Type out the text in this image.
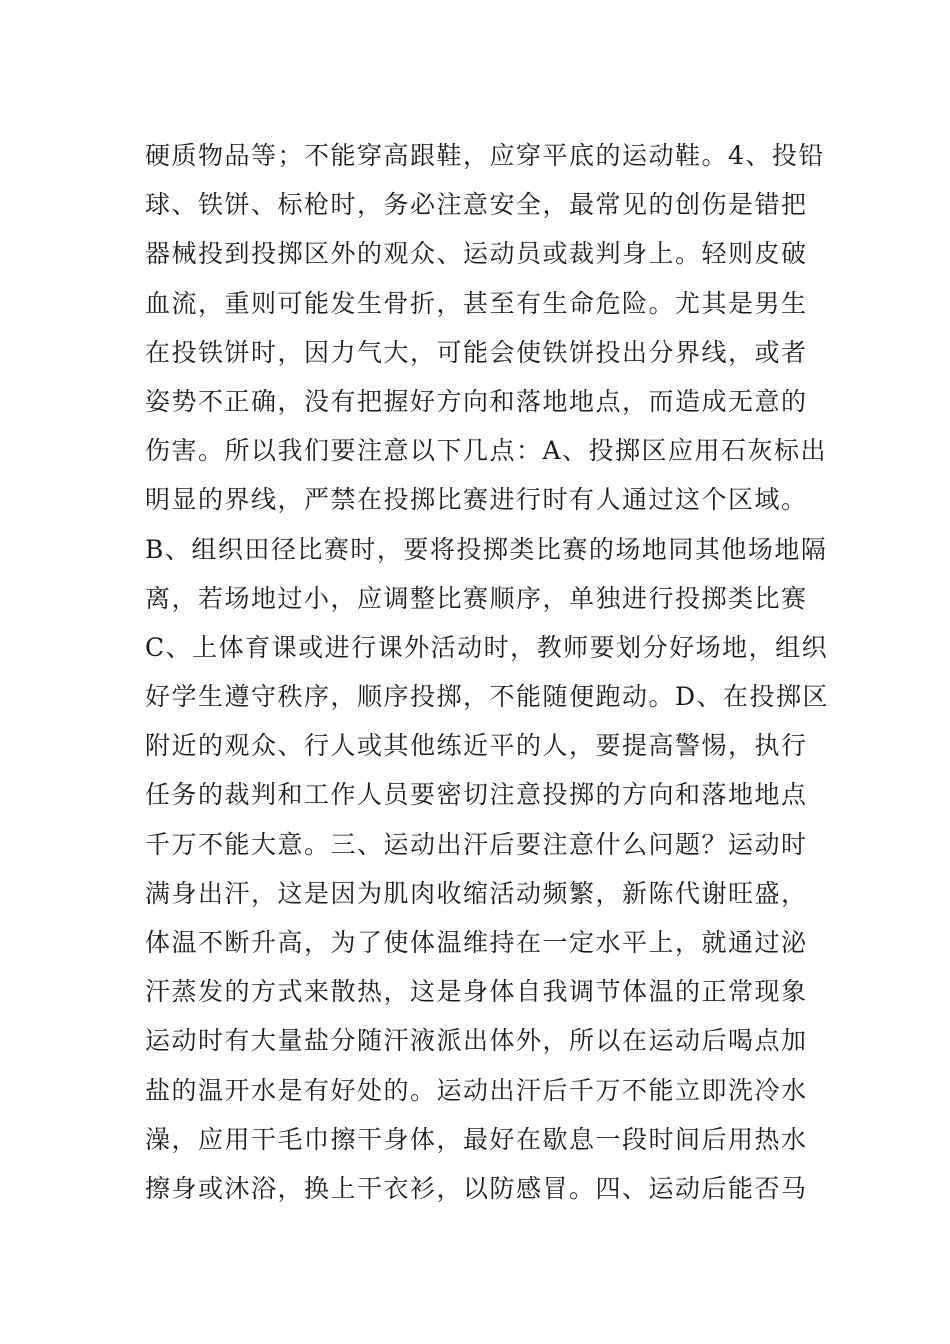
硬质物品等；不能穿高跟鞋，应穿平底的运动鞋。4、投铅
球、铁饼、标枪时，务必注意安全，最常见的创伤是错把
器械投到投掷区外的观众、运动员或裁判身上。轻则皮破
血流，重则可能发生骨折，甚至有生命危险。尤其是男生
在投铁饼时，因力气大，可能会使铁饼投出分界线，或者
姿势不正确，没有把握好方向和落地地点，而造成无意的
伤害。所以我们要注意以下几点：A、投掷区应用石灰标出
明显的界线，严禁在投掷比赛进行时有人通过这个区域。
B、组织田径比赛时，要将投掷类比赛的场地同其他场地隔
离，若场地过小，应调整比赛顺序，单独进行投掷类比赛
C、上体育课或进行课外活动时，教师要划分好场地，组织
好学生遵守秩序，顺序投掷，不能随便跑动。D、在投掷区
附近的观众、行人或其他练近平的人，要提高警惕，执行
任务的裁判和工作人员要密切注意投掷的方向和落地地点
千万不能大意。三、运动出汗后要注意什么问题？运动时
满身出汗，这是因为肌肉收缩活动频繁，新陈代谢旺盛，
体温不断升高，为了使体温维持在一定水平上，就通过泌
汗蒸发的方式来散热，这是身体自我调节体温的正常现象
运动时有大量盐分随汗液派出体外，所以在运动后喝点加
盐的温开水是有好处的。运动出汗后千万不能立即洗冷水
澡，应用干毛巾擦干身体，最好在歇息一段时间后用热水
擦身或沐浴，换上干衣衫，以防感冒。四、运动后能否马
